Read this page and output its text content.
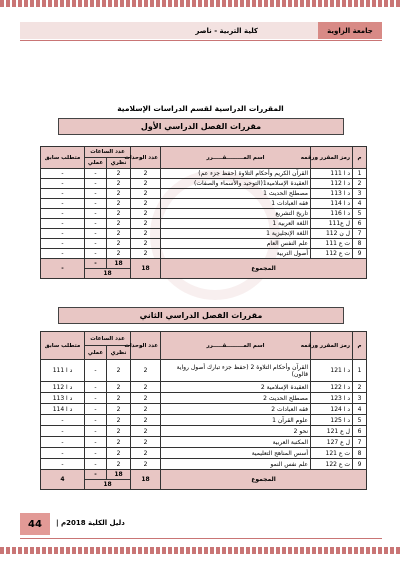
جامعة الزاوية
كلية التربية - ناصر
المقررات الدراسية لقسم الدراسات الإسلامية
مقررات الفصل الدراسي الأول
م	رمز المقرر ورقمه	اسم المـــــــــقـــــرر	عدد الوحدات	عدد الساعات		متطلب سابق
				نظري	عملي	
1	د ا 111	القرآن الكريم وأحكام التلاوة (حفظ جزء عم)	2	2	-	-
2	د ا 112	العقيدة الإسلامية1(التوحيد والأسماء والصفات)	2	2	-	-
3	د ا 113	مصطلح الحديث 1	2	2	-	-
4	د ا 114	فقه العبادات 1	2	2	-	-
5	د ا 116	تاريخ التشريع	2	2	-	-
6	ل ع111	اللغة العربية 1	2	2	-	-
7	ل ن 112	اللغة الإنجليزية 1	2	2	-	-
8	ت ع 111	علم النفس العام	2	2	-	-
9	ت ع 112	أصول التربية	2	2	-	-
المجموع			18	18	-	-
				18		
مقررات الفصل الدراسي الثاني
م	رمز المقرر ورقمه	اسم المـــــــــقـــــرر	عدد الوحدات	عدد الساعات		متطلب سابق
				نظري	عملي	
1	د ا 121	القرآن وأحكام التلاوة 2 (حفظ جزء تبارك أصول رواية قالون)	2	2	-	د ا 111
2	د ا 122	العقيدة الإسلامية 2	2	2	-	د ا 112
3	د ا 123	مصطلح الحديث 2	2	2	-	د ا 113
4	د ا 124	فقه العبادات 2	2	2	-	د ا 114
5	د ا 125	علوم القرآن 1	2	2	-	-
6	ل ع 121	نحو 2	2	2	-	-
7	ل ع 127	المكتبة العربية	2	2	-	-
8	ت ع 121	أسس المناهج التعليمية	2	2	-	-
9	ت ع 122	علم نفس النمو	2	2	-	-
المجموع			18	18	-	4
				18		
44	دليل الكلية 2018م |
